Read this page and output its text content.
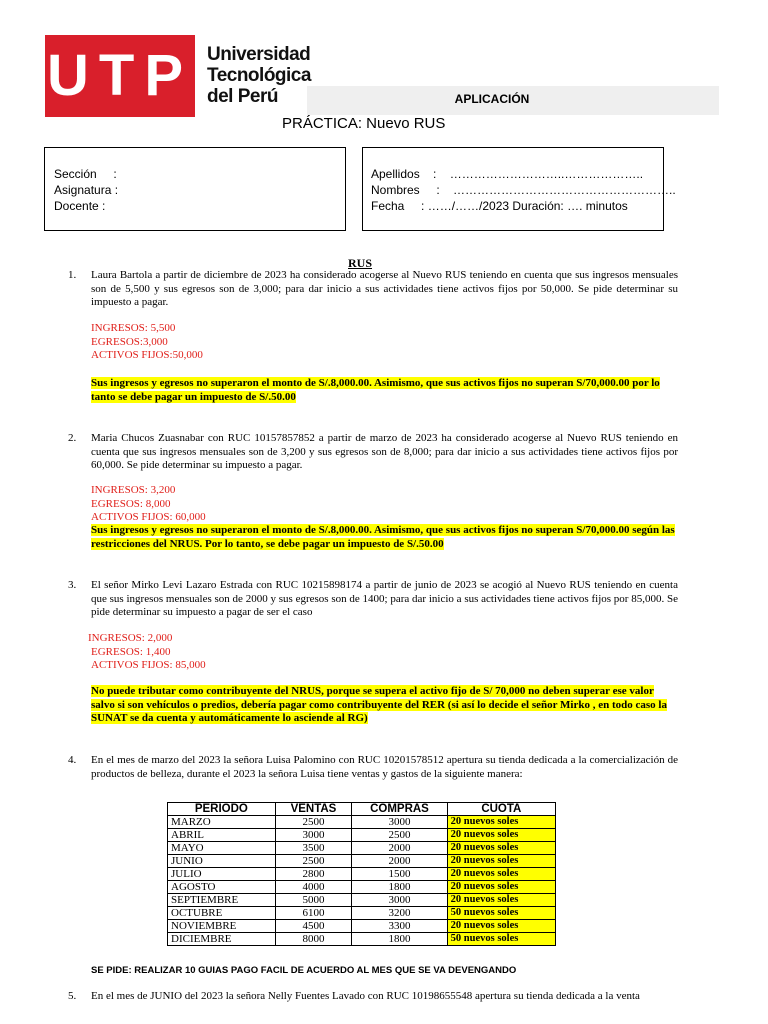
UTP Universidad
Tecnológica
del Perú	APLICACIÓN
PRÁCTICA: Nuevo RUS
Sección     :
Asignatura :
Docente :
Apellidos    :    ………………………..………………..
Nombres     :    ………………………………………………..
Fecha     : ……/……/2023 Duración: …. minutos
RUS
1. Laura Bartola a partir de diciembre de 2023 ha considerado acogerse al Nuevo RUS teniendo en cuenta que sus ingresos mensuales son de 5,500 y sus egresos son de 3,000; para dar inicio a sus actividades tiene activos fijos por 50,000. Se pide determinar su impuesto a pagar.
INGRESOS: 5,500
EGRESOS:3,000
ACTIVOS FIJOS:50,000
Sus ingresos y egresos no superaron el monto de S/.8,000.00. Asimismo, que sus activos fijos no superan S/70,000.00 por lo tanto se debe pagar un impuesto de S/.50.00
2. Maria Chucos Zuasnabar con RUC 10157857852 a partir de marzo de 2023 ha considerado acogerse al Nuevo RUS teniendo en cuenta que sus ingresos mensuales son de 3,200 y sus egresos son de 8,000; para dar inicio a sus actividades tiene activos fijos por 60,000. Se pide determinar su impuesto a pagar.
INGRESOS: 3,200
EGRESOS: 8,000
ACTIVOS FIJOS: 60,000
Sus ingresos y egresos no superaron el monto de S/.8,000.00. Asimismo, que sus activos fijos no superan S/70,000.00 según las restricciones del NRUS. Por lo tanto, se debe pagar un impuesto de S/.50.00
3. El señor Mirko Levi Lazaro Estrada con RUC 10215898174 a partir de junio de 2023 se acogió al Nuevo RUS teniendo en cuenta que sus ingresos mensuales son de 2000 y sus egresos son de 1400; para dar inicio a sus actividades tiene activos fijos por 85,000. Se pide determinar su impuesto a pagar de ser el caso
INGRESOS: 2,000
EGRESOS: 1,400
ACTIVOS FIJOS: 85,000
No puede tributar como contribuyente del NRUS, porque se supera el activo fijo de S/ 70,000 no deben superar ese valor salvo si son vehículos o predios, debería pagar como contribuyente del RER (si así lo decide el señor Mirko , en todo caso la SUNAT se da cuenta y automáticamente lo asciende al RG)
4. En el mes de marzo del 2023 la señora Luisa Palomino con RUC 10201578512 apertura su tienda dedicada a la comercialización de productos de belleza, durante el 2023 la señora Luisa tiene ventas y gastos de la siguiente manera:
PERIODO	VENTAS	COMPRAS	CUOTA
MARZO	2500	3000	20 nuevos soles
ABRIL	3000	2500	20 nuevos soles
MAYO	3500	2000	20 nuevos soles
JUNIO	2500	2000	20 nuevos soles
JULIO	2800	1500	20 nuevos soles
AGOSTO	4000	1800	20 nuevos soles
SEPTIEMBRE	5000	3000	20 nuevos soles
OCTUBRE	6100	3200	50 nuevos soles
NOVIEMBRE	4500	3300	20 nuevos soles
DICIEMBRE	8000	1800	50 nuevos soles
SE PIDE: REALIZAR 10 GUIAS PAGO FACIL DE ACUERDO AL MES QUE SE VA DEVENGANDO
5. En el mes de JUNIO del 2023 la señora Nelly Fuentes Lavado con RUC 10198655548 apertura su tienda dedicada a la venta
